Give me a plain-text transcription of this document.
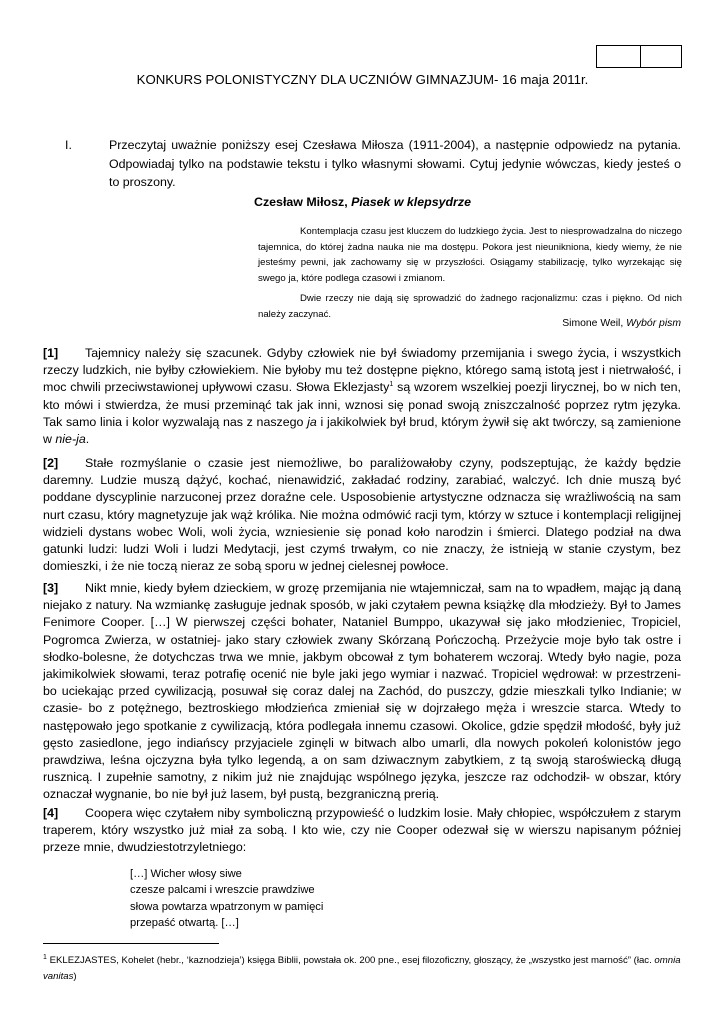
KONKURS POLONISTYCZNY DLA UCZNIÓW GIMNAZJUM- 16 maja 2011r.
I.	Przeczytaj uważnie poniższy esej Czesława Miłosza (1911-2004), a następnie odpowiedz na pytania. Odpowiadaj tylko na podstawie tekstu i tylko własnymi słowami. Cytuj jedynie wówczas, kiedy jesteś o to proszony.
Czesław Miłosz, Piasek w klepsydrze

Kontemplacja czasu jest kluczem do ludzkiego życia. Jest to niesprowadzalna do niczego tajemnica, do której żadna nauka nie ma dostępu. Pokora jest nieunikniona, kiedy wiemy, że nie jesteśmy pewni, jak zachowamy się w przyszłości. Osiągamy stabilizację, tylko wyrzekając się swego ja, które podlega czasowi i zmianom.

Dwie rzeczy nie dają się sprowadzić do żadnego racjonalizmu: czas i piękno. Od nich należy zaczynać.

Simone Weil, Wybór pism
[1] Tajemnicy należy się szacunek. Gdyby człowiek nie był świadomy przemijania i swego życia, i wszystkich rzeczy ludzkich, nie byłby człowiekiem. Nie byłoby mu też dostępne piękno, którego samą istotą jest i nietrwałość, i moc chwili przeciwstawionej upływowi czasu. Słowa Eklezjasty$^1$ są wzorem wszelkiej poezji lirycznej, bo w nich ten, kto mówi i stwierdza, że musi przeminąć tak jak inni, wznosi się ponad swoją zniszczalność poprzez rytm języka. Tak samo linia i kolor wyzwalają nas z naszego ja i jakikolwiek był brud, którym żywił się akt twórczy, są zamienione w nie-ja.
[2] Stałe rozmyślanie o czasie jest niemożliwe, bo paraliżowałoby czyny, podszeptując, że każdy będzie daremny. Ludzie muszą dążyć, kochać, nienawidzić, zakładać rodziny, zarabiać, walczyć. Ich dnie muszą być poddane dyscyplinie narzuconej przez doraźne cele. Usposobienie artystyczne odznacza się wrażliwością na sam nurt czasu, który magnetyzuje jak wąż królika. Nie można odmówić racji tym, którzy w sztuce i kontemplacji religijnej widzieli dystans wobec Woli, woli życia, wzniesienie się ponad koło narodzin i śmierci. Dlatego podział na dwa gatunki ludzi: ludzi Woli i ludzi Medytacji, jest czymś trwałym, co nie znaczy, że istnieją w stanie czystym, bez domieszki, i że nie toczą nieraz ze sobą sporu w jednej cielesnej powłoce.
[3] Nikt mnie, kiedy byłem dzieckiem, w grozę przemijania nie wtajemniczał, sam na to wpadłem, mając ją daną niejako z natury. Na wzmiankę zasługuje jednak sposób, w jaki czytałem pewna książkę dla młodzieży. Był to James Fenimore Cooper. […] W pierwszej części bohater, Nataniel Bumppo, ukazywał się jako młodzieniec, Tropiciel, Pogromca Zwierza, w ostatniej- jako stary człowiek zwany Skórzaną Pończochą. Przeżycie moje było tak ostre i słodko-bolesne, że dotychczas trwa we mnie, jakbym obcował z tym bohaterem wczoraj. Wtedy było nagie, poza jakimikolwiek słowami, teraz potrafię ocenić nie byle jaki jego wymiar i nazwać. Tropiciel wędrował: w przestrzeni- bo uciekając przed cywilizacją, posuwał się coraz dalej na Zachód, do puszczy, gdzie mieszkali tylko Indianie; w czasie- bo z potężnego, beztroskiego młodzieńca zmieniał się w dojrzałego męża i wreszcie starca. Wtedy to następowało jego spotkanie z cywilizacją, która podlegała innemu czasowi. Okolice, gdzie spędził młodość, były już gęsto zasiedlone, jego indiańscy przyjaciele zginęli w bitwach albo umarli, dla nowych pokoleń kolonistów jego prawdziwa, leśna ojczyzna była tylko legendą, a on sam dziwacznym zabytkiem, z tą swoją staroświecką długą rusznicą. I zupełnie samotny, z nikim już nie znajdując wspólnego języka, jeszcze raz odchodził- w obszar, który oznaczał wygnanie, bo nie był już lasem, był pustą, bezgraniczną prerią.
[4] Coopera więc czytałem niby symboliczną przypowieść o ludzkim losie. Mały chłopiec, współczułem z starym traperem, który wszystko już miał za sobą. I kto wie, czy nie Cooper odezwał się w wierszu napisanym później przeze mnie, dwudziestotrzyletniego:
[…] Wicher włosy siwe
czesze palcami i wreszcie prawdziwe
słowa powtarza wpatrzonym w pamięci
przepaść otwartą. […]
$^1$ EKLEZJASTES, Kohelet (hebr., ‘kaznodzieja’) księga Biblii, powstała ok. 200 pne., esej filozoficzny, głoszący, że „wszystko jest marność” (łac. omnia vanitas)
